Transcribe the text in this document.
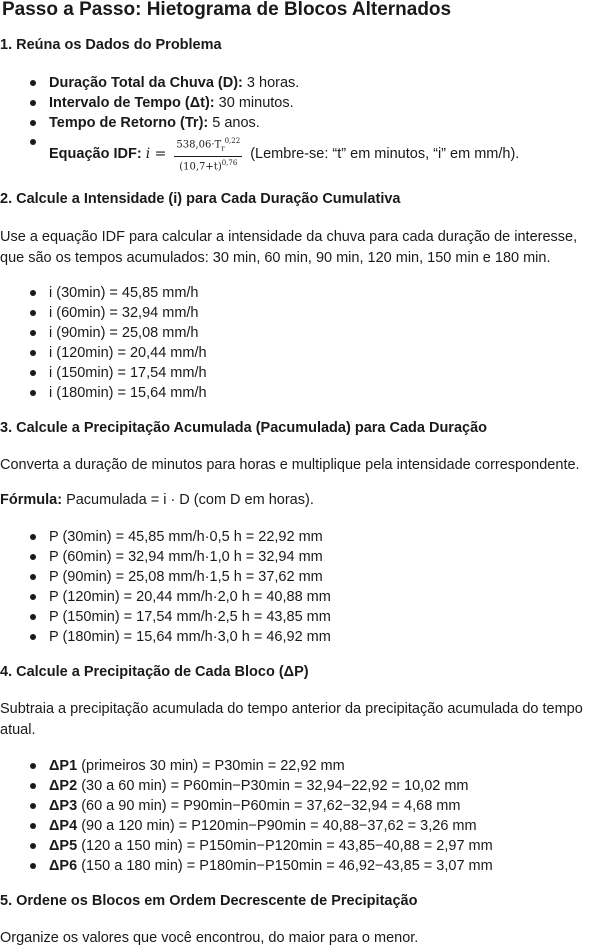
Passo a Passo: Hietograma de Blocos Alternados
1. Reúna os Dados do Problema
Duração Total da Chuva (D): 3 horas.
Intervalo de Tempo (Δt): 30 minutos.
Tempo de Retorno (Tr): 5 anos.
Equação IDF: $i = \frac{538,06\cdot T_r^{0,22}}{(10,7+t)^{0,76}}$ (Lembre-se: “t” em minutos, “i” em mm/h).
2. Calcule a Intensidade (i) para Cada Duração Cumulativa
Use a equação IDF para calcular a intensidade da chuva para cada duração de interesse, que são os tempos acumulados: 30 min, 60 min, 90 min, 120 min, 150 min e 180 min.
i (30min) = 45,85 mm/h
i (60min) = 32,94 mm/h
i (90min) = 25,08 mm/h
i (120min) = 20,44 mm/h
i (150min) = 17,54 mm/h
i (180min) = 15,64 mm/h
3. Calcule a Precipitação Acumulada (Pacumulada) para Cada Duração
Converta a duração de minutos para horas e multiplique pela intensidade correspondente.
Fórmula: Pacumulada = i · D (com D em horas).
P (30min) = 45,85 mm/h·0,5 h = 22,92 mm
P (60min) = 32,94 mm/h·1,0 h = 32,94 mm
P (90min) = 25,08 mm/h·1,5 h = 37,62 mm
P (120min) = 20,44 mm/h·2,0 h = 40,88 mm
P (150min) = 17,54 mm/h·2,5 h = 43,85 mm
P (180min) = 15,64 mm/h·3,0 h = 46,92 mm
4. Calcule a Precipitação de Cada Bloco (ΔP)
Subtraia a precipitação acumulada do tempo anterior da precipitação acumulada do tempo atual.
ΔP1 (primeiros 30 min) = P30min = 22,92 mm
ΔP2 (30 a 60 min) = P60min−P30min = 32,94−22,92 = 10,02 mm
ΔP3 (60 a 90 min) = P90min−P60min = 37,62−32,94 = 4,68 mm
ΔP4 (90 a 120 min) = P120min−P90min = 40,88−37,62 = 3,26 mm
ΔP5 (120 a 150 min) = P150min−P120min = 43,85−40,88 = 2,97 mm
ΔP6 (150 a 180 min) = P180min−P150min = 46,92−43,85 = 3,07 mm
5. Ordene os Blocos em Ordem Decrescente de Precipitação
Organize os valores que você encontrou, do maior para o menor.
